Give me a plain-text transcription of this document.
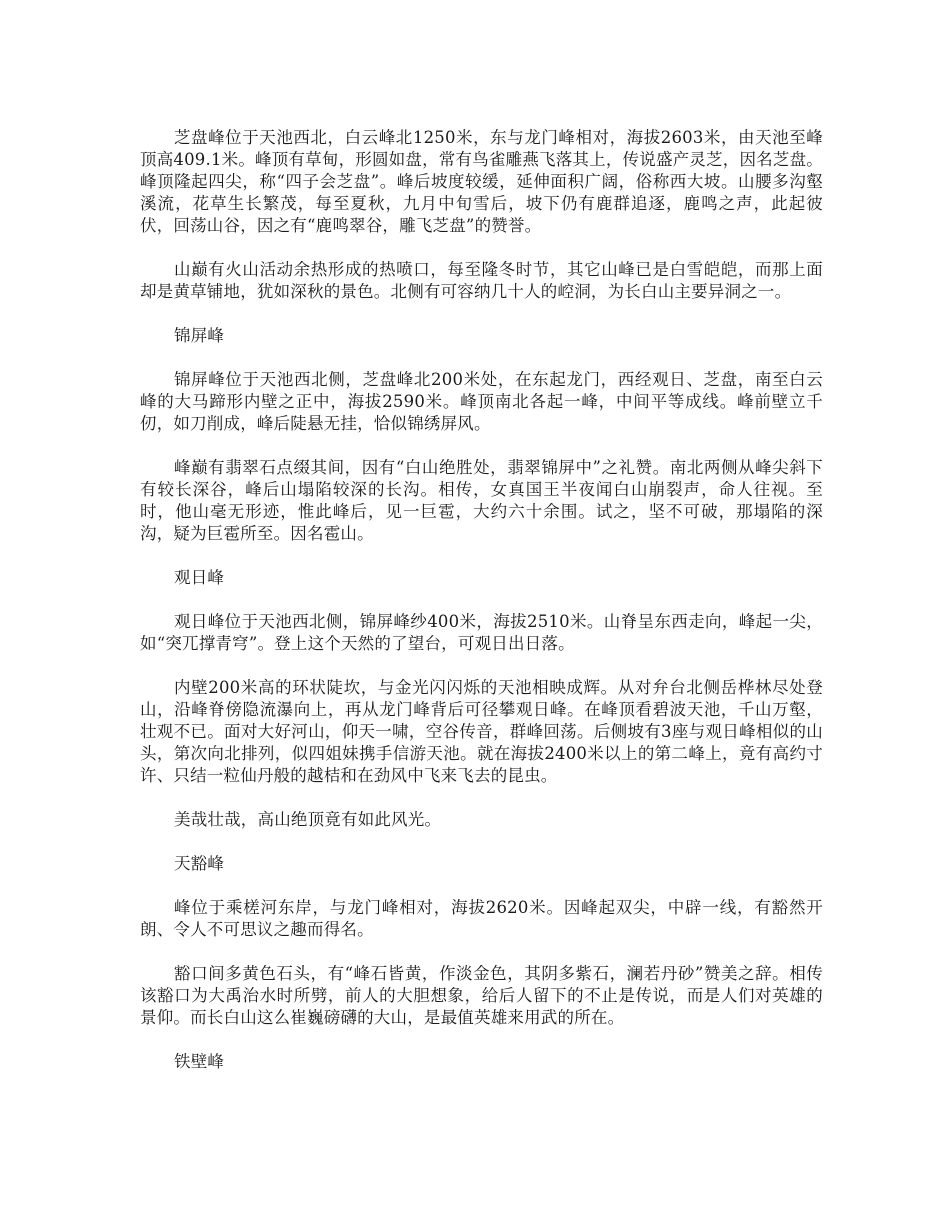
芝盘峰位于天池西北，白云峰北1250米，东与龙门峰相对，海拔2603米，由天池至峰顶高409.1米。峰顶有草甸，形圆如盘，常有鸟雀雕燕飞落其上，传说盛产灵芝，因名芝盘。峰顶隆起四尖，称“四子会芝盘”。峰后坡度较缓，延伸面积广阔，俗称西大坡。山腰多沟壑溪流，花草生长繁茂，每至夏秋，九月中旬雪后，坡下仍有鹿群追逐，鹿鸣之声，此起彼伏，回荡山谷，因之有“鹿鸣翠谷，雕飞芝盘”的赞誉。

山巅有火山活动余热形成的热喷口，每至隆冬时节，其它山峰已是白雪皑皑，而那上面却是黄草铺地，犹如深秋的景色。北侧有可容纳几十人的崆洞，为长白山主要异洞之一。

锦屏峰

锦屏峰位于天池西北侧，芝盘峰北200米处，在东起龙门，西经观日、芝盘，南至白云峰的大马蹄形内壁之正中，海拔2590米。峰顶南北各起一峰，中间平等成线。峰前壁立千仞，如刀削成，峰后陡悬无挂，恰似锦绣屏风。

峰巅有翡翠石点缀其间，因有“白山绝胜处，翡翠锦屏中”之礼赞。南北两侧从峰尖斜下有较长深谷，峰后山塌陷较深的长沟。相传，女真国王半夜闻白山崩裂声，命人往视。至时，他山毫无形迹，惟此峰后，见一巨雹，大约六十余围。试之，坚不可破，那塌陷的深沟，疑为巨雹所至。因名雹山。

观日峰

观日峰位于天池西北侧，锦屏峰纱400米，海拔2510米。山脊呈东西走向，峰起一尖，如“突兀撑青穹”。登上这个天然的了望台，可观日出日落。

内壁200米高的环状陡坎，与金光闪闪烁的天池相映成辉。从对弁台北侧岳桦林尽处登山，沿峰脊傍隐流瀑向上，再从龙门峰背后可径攀观日峰。在峰顶看碧波天池，千山万壑，壮观不已。面对大好河山，仰天一啸，空谷传音，群峰回荡。后侧坡有3座与观日峰相似的山头，第次向北排列，似四姐妹携手信游天池。就在海拔2400米以上的第二峰上，竟有高约寸许、只结一粒仙丹般的越桔和在劲风中飞来飞去的昆虫。

美哉壮哉，高山绝顶竟有如此风光。

天豁峰

峰位于乘槎河东岸，与龙门峰相对，海拔2620米。因峰起双尖，中辟一线，有豁然开朗、令人不可思议之趣而得名。

豁口间多黄色石头，有“峰石皆黄，作淡金色，其阴多紫石，澜若丹砂”赞美之辞。相传该豁口为大禹治水时所劈，前人的大胆想象，给后人留下的不止是传说，而是人们对英雄的景仰。而长白山这么崔巍磅礴的大山，是最值英雄来用武的所在。

铁壁峰
